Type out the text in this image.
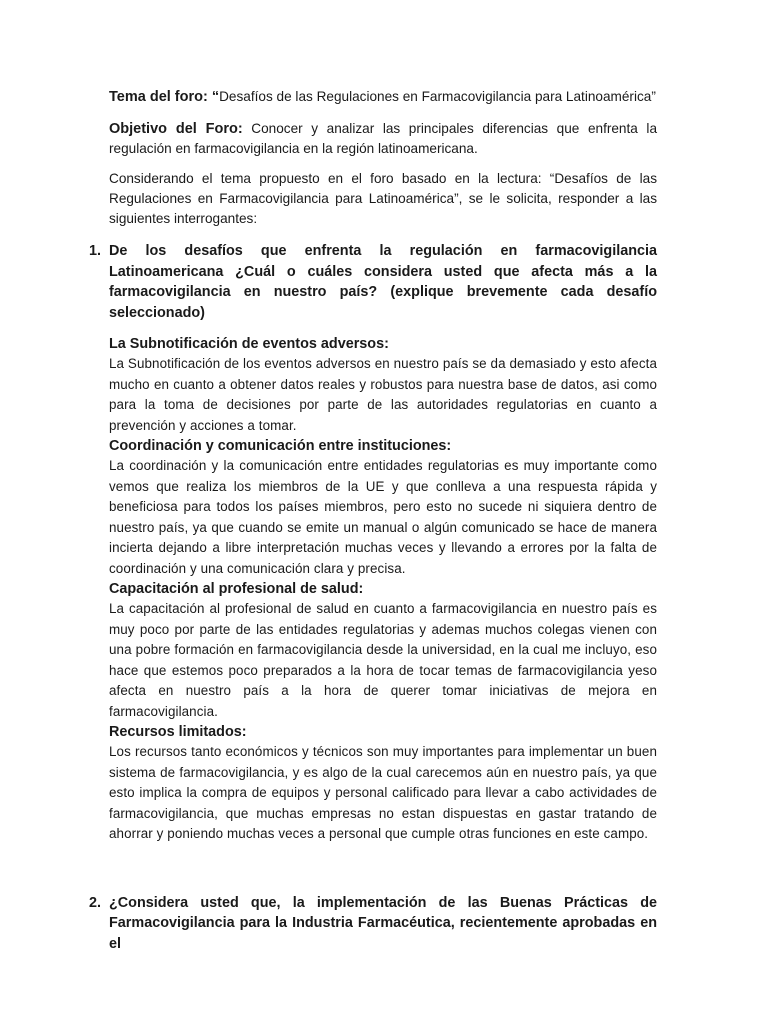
Tema del foro: “Desafíos de las Regulaciones en Farmacovigilancia para Latinoamérica”

Objetivo del Foro: Conocer y analizar las principales diferencias que enfrenta la regulación en farmacovigilancia en la región latinoamericana.

Considerando el tema propuesto en el foro basado en la lectura: “Desafíos de las Regulaciones en Farmacovigilancia para Latinoamérica”, se le solicita, responder a las siguientes interrogantes:

1. De los desafíos que enfrenta la regulación en farmacovigilancia Latinoamericana ¿Cuál o cuáles considera usted que afecta más a la farmacovigilancia en nuestro país? (explique brevemente cada desafío seleccionado)

La Subnotificación de eventos adversos:

La Subnotificación de los eventos adversos en nuestro país se da demasiado y esto afecta mucho en cuanto a obtener datos reales y robustos para nuestra base de datos, asi como para la toma de decisiones por parte de las autoridades regulatorias en cuanto a prevención y acciones a tomar.

Coordinación y comunicación entre instituciones:

La coordinación y la comunicación entre entidades regulatorias es muy importante como vemos que realiza los miembros de la UE y que conlleva a una respuesta rápida y beneficiosa para todos los países miembros, pero esto no sucede ni siquiera dentro de nuestro país, ya que cuando se emite un manual o algún comunicado se hace de manera incierta dejando a libre interpretación muchas veces y llevando a errores por la falta de coordinación y una comunicación clara y precisa.

Capacitación al profesional de salud:

La capacitación al profesional de salud en cuanto a farmacovigilancia en nuestro país es muy poco por parte de las entidades regulatorias y ademas muchos colegas vienen con una pobre formación en farmacovigilancia desde la universidad, en la cual me incluyo, eso hace que estemos poco preparados a la hora de tocar temas de farmacovigilancia yeso afecta en nuestro país a la hora de querer tomar iniciativas de mejora en farmacovigilancia.

Recursos limitados:

Los recursos tanto económicos y técnicos son muy importantes para implementar un buen sistema de farmacovigilancia, y es algo de la cual carecemos aún en nuestro país, ya que esto implica la compra de equipos y personal calificado para llevar a cabo actividades de farmacovigilancia, que muchas empresas no estan dispuestas en gastar tratando de ahorrar y poniendo muchas veces a personal que cumple otras funciones en este campo.

2. ¿Considera usted que, la implementación de las Buenas Prácticas de Farmacovigilancia para la Industria Farmacéutica, recientemente aprobadas en el
